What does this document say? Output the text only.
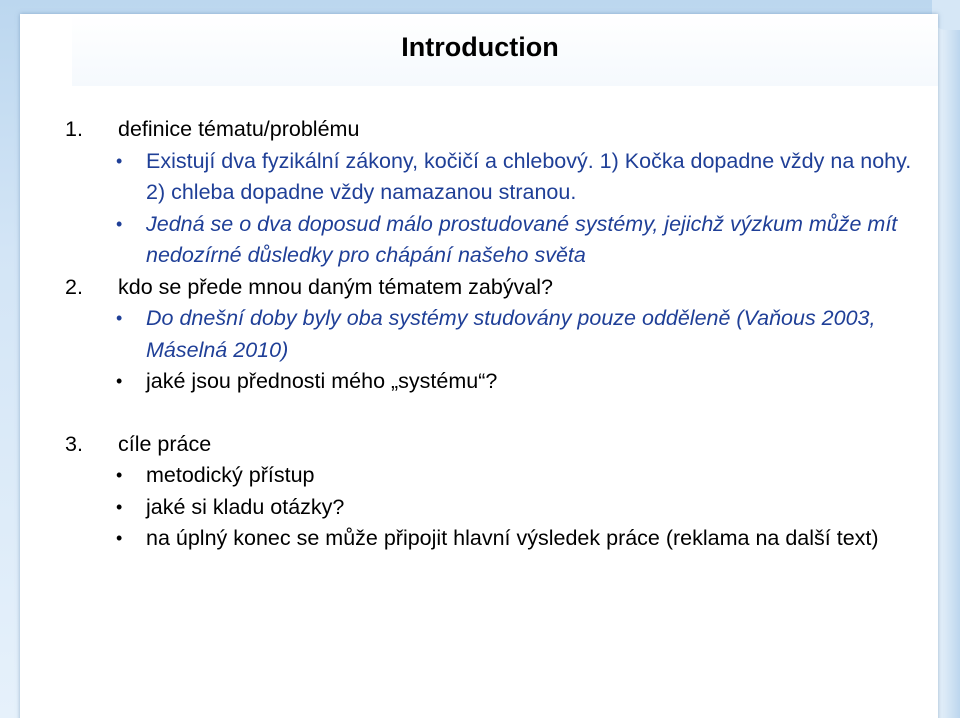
Introduction
1. definice tématu/problému
• Existují dva fyzikální zákony, kočičí a chlebový. 1) Kočka dopadne vždy na nohy. 2) chleba dopadne vždy namazanou stranou.
• Jedná se o dva doposud málo prostudované systémy, jejichž výzkum může mít nedozírné důsledky pro chápání našeho světa
2. kdo se přede mnou daným tématem zabýval?
• Do dnešní doby byly oba systémy studovány pouze odděleně (Vaňous 2003, Máselná 2010)
• jaké jsou přednosti mého „systému“?
3. cíle práce
• metodický přístup
• jaké si kladu otázky?
• na úplný konec se může připojit hlavní výsledek práce (reklama na další text)
